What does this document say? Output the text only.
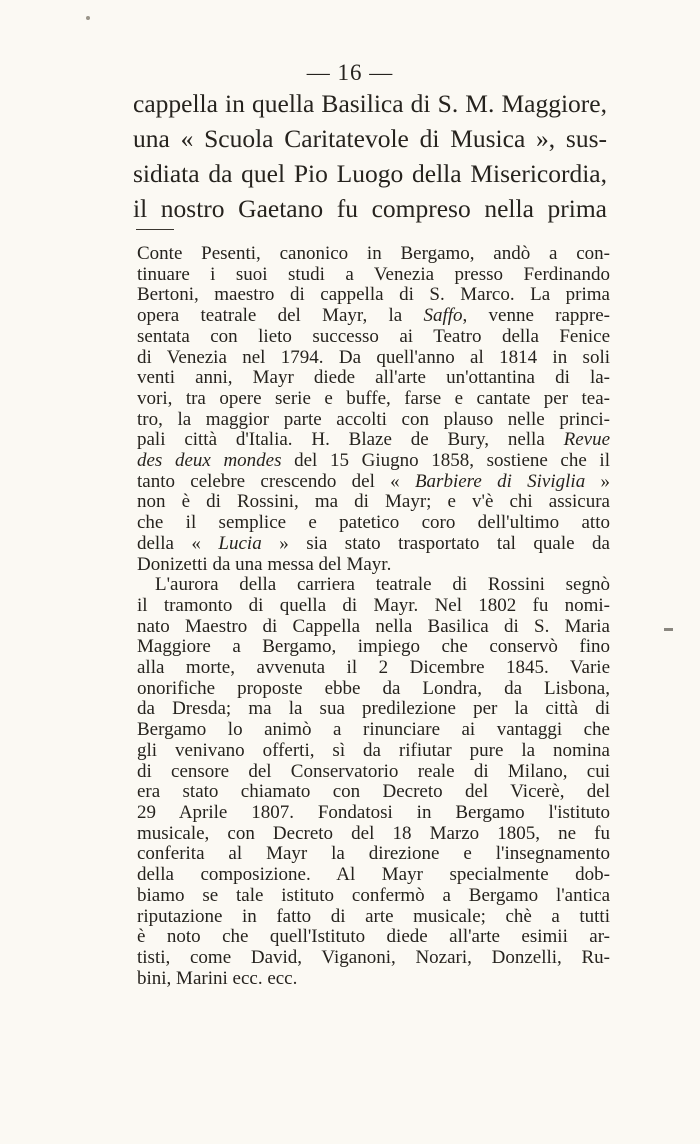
— 16 —
cappella in quella Basilica di S. M. Maggiore,
una « Scuola Caritatevole di Musica », sus-
sidiata da quel Pio Luogo della Misericordia,
il nostro Gaetano fu compreso nella prima
Conte Pesenti, canonico in Bergamo, andò a con-
tinuare i suoi studi a Venezia presso Ferdinando
Bertoni, maestro di cappella di S. Marco. La prima
opera teatrale del Mayr, la Saffo, venne rappre-
sentata con lieto successo ai Teatro della Fenice
di Venezia nel 1794. Da quell'anno al 1814 in soli
venti anni, Mayr diede all'arte un'ottantina di la-
vori, tra opere serie e buffe, farse e cantate per tea-
tro, la maggior parte accolti con plauso nelle princi-
pali città d'Italia. H. Blaze de Bury, nella Revue
des deux mondes del 15 Giugno 1858, sostiene che il
tanto celebre crescendo del « Barbiere di Siviglia »
non è di Rossini, ma di Mayr; e v'è chi assicura
che il semplice e patetico coro dell'ultimo atto
della « Lucia » sia stato trasportato tal quale da
Donizetti da una messa del Mayr.
L'aurora della carriera teatrale di Rossini segnò
il tramonto di quella di Mayr. Nel 1802 fu nomi-
nato Maestro di Cappella nella Basilica di S. Maria
Maggiore a Bergamo, impiego che conservò fino
alla morte, avvenuta il 2 Dicembre 1845. Varie
onorifiche proposte ebbe da Londra, da Lisbona,
da Dresda; ma la sua predilezione per la città di
Bergamo lo animò a rinunciare ai vantaggi che
gli venivano offerti, sì da rifiutar pure la nomina
di censore del Conservatorio reale di Milano, cui
era stato chiamato con Decreto del Vicerè, del
29 Aprile 1807. Fondatosi in Bergamo l'istituto
musicale, con Decreto del 18 Marzo 1805, ne fu
conferita al Mayr la direzione e l'insegnamento
della composizione. Al Mayr specialmente dob-
biamo se tale istituto confermò a Bergamo l'antica
riputazione in fatto di arte musicale; chè a tutti
è noto che quell'Istituto diede all'arte esimii ar-
tisti, come David, Viganoni, Nozari, Donzelli, Ru-
bini, Marini ecc. ecc.
